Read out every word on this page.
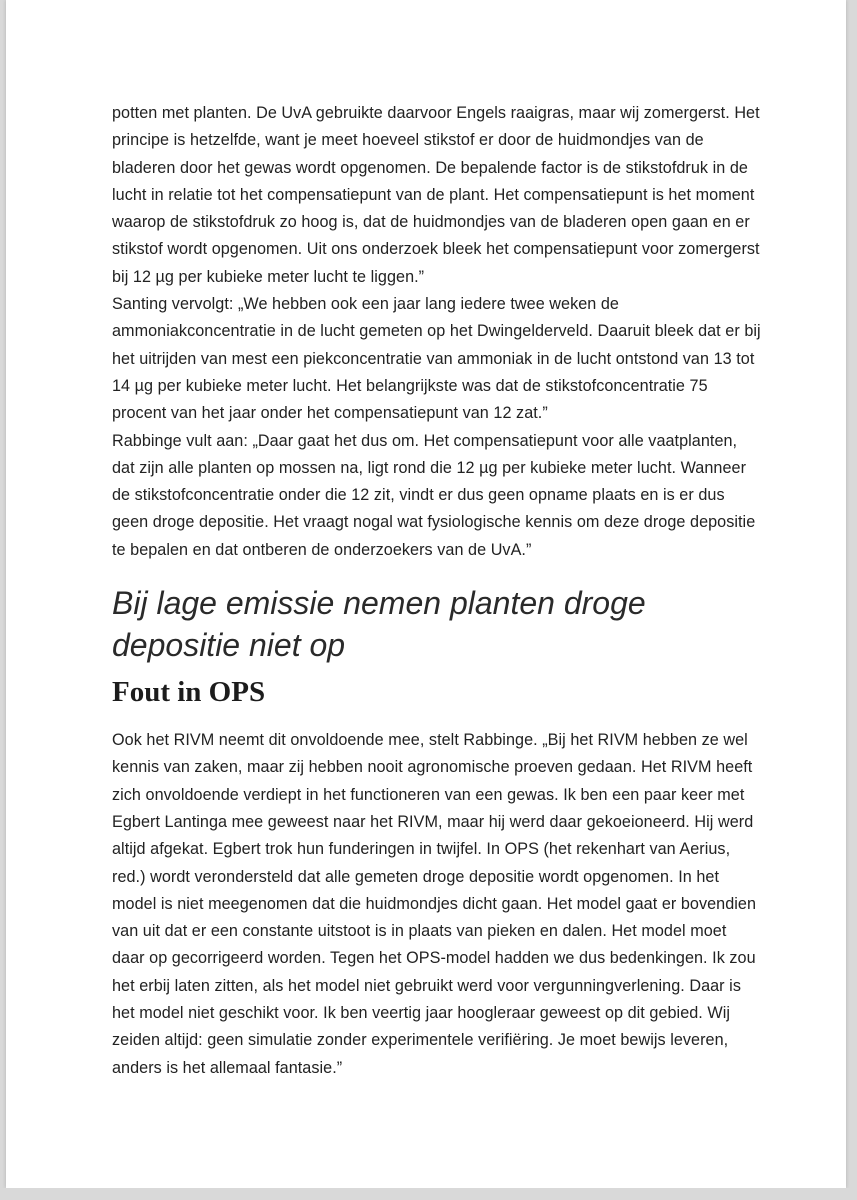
potten met planten. De UvA gebruikte daarvoor Engels raaigras, maar wij zomergerst. Het principe is hetzelfde, want je meet hoeveel stikstof er door de huidmondjes van de bladeren door het gewas wordt opgenomen. De bepalende factor is de stikstofdruk in de lucht in relatie tot het compensatiepunt van de plant. Het compensatiepunt is het moment waarop de stikstofdruk zo hoog is, dat de huidmondjes van de bladeren open gaan en er stikstof wordt opgenomen. Uit ons onderzoek bleek het compensatiepunt voor zomergerst bij 12 µg per kubieke meter lucht te liggen.”

Santing vervolgt: „We hebben ook een jaar lang iedere twee weken de ammoniakconcentratie in de lucht gemeten op het Dwingelderveld. Daaruit bleek dat er bij het uitrijden van mest een piekconcentratie van ammoniak in de lucht ontstond van 13 tot 14 µg per kubieke meter lucht. Het belangrijkste was dat de stikstofconcentratie 75 procent van het jaar onder het compensatiepunt van 12 zat.”

Rabbinge vult aan: „Daar gaat het dus om. Het compensatiepunt voor alle vaatplanten, dat zijn alle planten op mossen na, ligt rond die 12 µg per kubieke meter lucht. Wanneer de stikstofconcentratie onder die 12 zit, vindt er dus geen opname plaats en is er dus geen droge depositie. Het vraagt nogal wat fysiologische kennis om deze droge depositie te bepalen en dat ontberen de onderzoekers van de UvA.”

Bij lage emissie nemen planten droge depositie niet op
Fout in OPS

Ook het RIVM neemt dit onvoldoende mee, stelt Rabbinge. „Bij het RIVM hebben ze wel kennis van zaken, maar zij hebben nooit agronomische proeven gedaan. Het RIVM heeft zich onvoldoende verdiept in het functioneren van een gewas. Ik ben een paar keer met Egbert Lantinga mee geweest naar het RIVM, maar hij werd daar gekoeioneerd. Hij werd altijd afgekat. Egbert trok hun funderingen in twijfel. In OPS (het rekenhart van Aerius, red.) wordt verondersteld dat alle gemeten droge depositie wordt opgenomen. In het model is niet meegenomen dat die huidmondjes dicht gaan. Het model gaat er bovendien van uit dat er een constante uitstoot is in plaats van pieken en dalen. Het model moet daar op gecorrigeerd worden. Tegen het OPS-model hadden we dus bedenkingen. Ik zou het erbij laten zitten, als het model niet gebruikt werd voor vergunningverlening. Daar is het model niet geschikt voor. Ik ben veertig jaar hoogleraar geweest op dit gebied. Wij zeiden altijd: geen simulatie zonder experimentele verifiëring. Je moet bewijs leveren, anders is het allemaal fantasie.”
